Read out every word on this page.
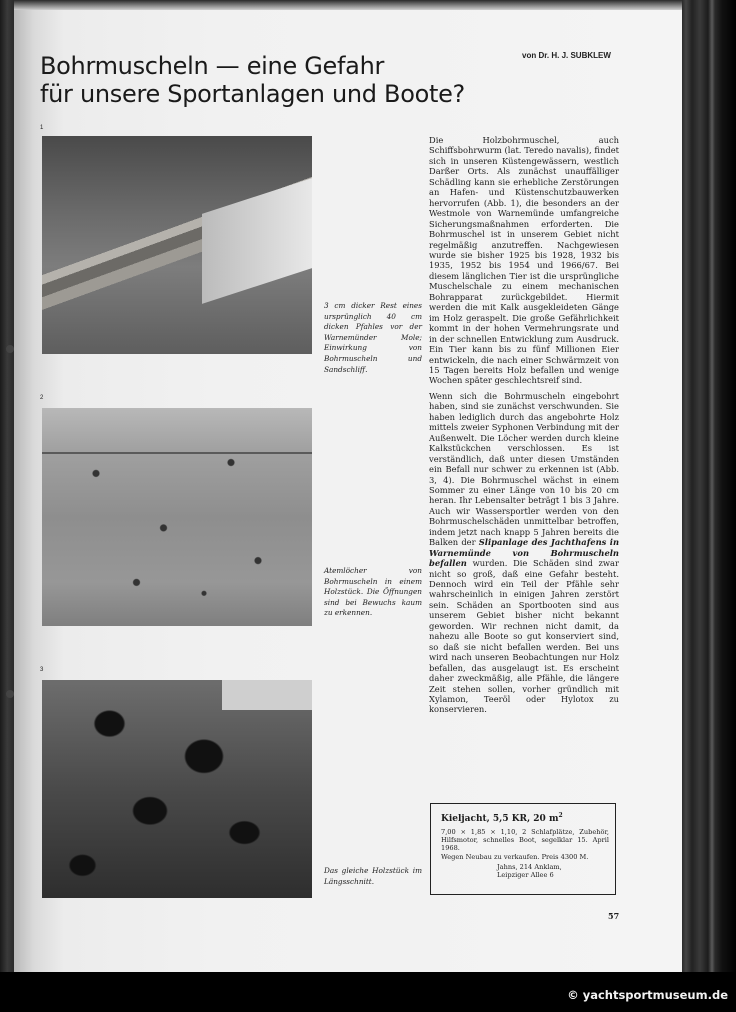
Bohrmuscheln — eine Gefahr
für unsere Sportanlagen und Boote?
von Dr. H. J. SUBKLEW
1
3 cm dicker Rest eines ursprünglich 40 cm dicken Pfahles vor der Warnemünder Mole; Einwirkung von Bohrmuscheln und Sandschliff.
2
Atemlöcher von Bohrmuscheln in einem Holzstück. Die Öffnungen sind bei Bewuchs kaum zu erkennen.
3
Das gleiche Holzstück im Längsschnitt.

Die Holzbohrmuschel, auch Schiffsbohrwurm (lat. Teredo navalis), findet sich in unseren Küstengewässern, westlich Darßer Orts. Als zunächst unauffälliger Schädling kann sie erhebliche Zerstörungen an Hafen- und Küstenschutzbauwerken hervorrufen (Abb. 1), die besonders an der Westmole von Warnemünde umfangreiche Sicherungsmaßnahmen erforderten. Die Bohrmuschel ist in unserem Gebiet nicht regelmäßig anzutreffen. Nachgewiesen wurde sie bisher 1925 bis 1928, 1932 bis 1935, 1952 bis 1954 und 1966/67. Bei diesem länglichen Tier ist die ursprüngliche Muschelschale zu einem mechanischen Bohrapparat zurückgebildet. Hiermit werden die mit Kalk ausgekleideten Gänge im Holz geraspelt. Die große Gefährlichkeit kommt in der hohen Vermehrungsrate und in der schnellen Entwicklung zum Ausdruck. Ein Tier kann bis zu fünf Millionen Eier entwickeln, die nach einer Schwärmzeit von 15 Tagen bereits Holz befallen und wenige Wochen später geschlechtsreif sind.

Wenn sich die Bohrmuscheln eingebohrt haben, sind sie zunächst verschwunden. Sie haben lediglich durch das angebohrte Holz mittels zweier Syphonen Verbindung mit der Außenwelt. Die Löcher werden durch kleine Kalkstückchen verschlossen. Es ist verständlich, daß unter diesen Umständen ein Befall nur schwer zu erkennen ist (Abb. 3, 4). Die Bohrmuschel wächst in einem Sommer zu einer Länge von 10 bis 20 cm heran. Ihr Lebensalter beträgt 1 bis 3 Jahre. Auch wir Wassersportler werden von den Bohrmuschelschäden unmittelbar betroffen, indem jetzt nach knapp 5 Jahren bereits die Balken der Slipanlage des Jachthafens in Warnemünde von Bohrmuscheln befallen wurden. Die Schäden sind zwar nicht so groß, daß eine Gefahr besteht. Dennoch wird ein Teil der Pfähle sehr wahrscheinlich in einigen Jahren zerstört sein. Schäden an Sportbooten sind aus unserem Gebiet bisher nicht bekannt geworden. Wir rechnen nicht damit, da nahezu alle Boote so gut konserviert sind, so daß sie nicht befallen werden. Bei uns wird nach unseren Beobachtungen nur Holz befallen, das ausgelaugt ist. Es erscheint daher zweckmäßig, alle Pfähle, die längere Zeit stehen sollen, vorher gründlich mit Xylamon, Teeröl oder Hylotox zu konservieren.

Kieljacht, 5,5 KR, 20 $m^2$

7,00 × 1,85 × 1,10, 2 Schlafplätze, Zubehör, Hilfsmotor, schnelles Boot, segelklar 15. April 1968.

Wegen Neubau zu verkaufen. Preis 4300 M.

Jahns, 214 Anklam,
Leipziger Allee 6
57
© yachtsportmuseum.de
